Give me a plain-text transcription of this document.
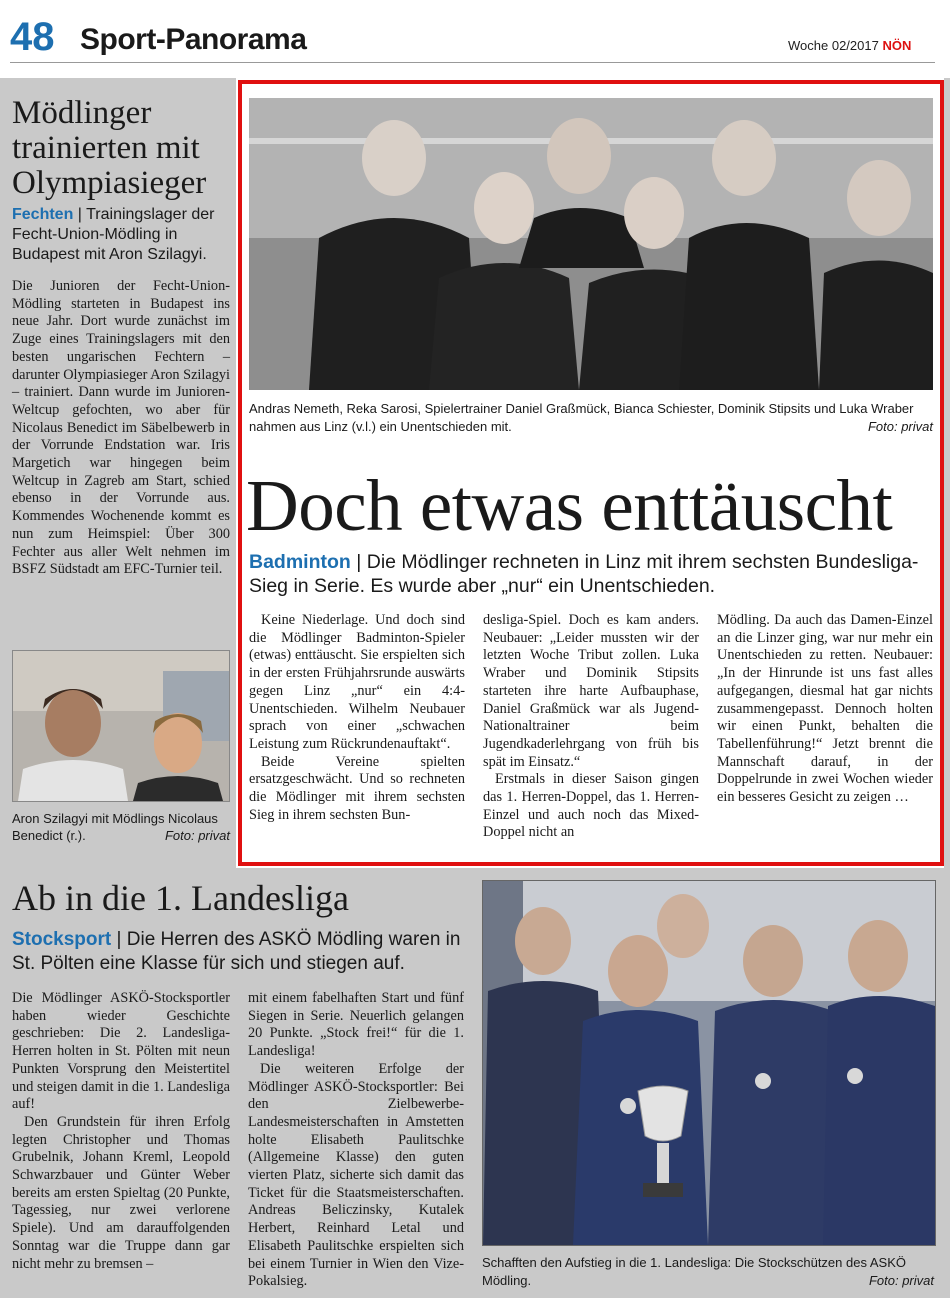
48 Sport-Panorama	Woche 02/2017 NÖN
Mödlinger trainierten mit Olympiasieger
Fechten | Trainingslager der Fecht-Union-Mödling in Budapest mit Aron Szilagyi.
Die Junioren der Fecht-Union-Mödling starteten in Budapest ins neue Jahr. Dort wurde zunächst im Zuge eines Trainingslagers mit den besten ungarischen Fechtern – darunter Olympiasieger Aron Szilagyi – trainiert. Dann wurde im Junioren-Weltcup gefochten, wo aber für Nicolaus Benedict im Säbelbewerb in der Vorrunde Endstation war. Iris Margetich war hingegen beim Weltcup in Zagreb am Start, schied ebenso in der Vorrunde aus. Kommendes Wochenende kommt es nun zum Heimspiel: Über 300 Fechter aus aller Welt nehmen im BSFZ Südstadt am EFC-Turnier teil.
Aron Szilagyi mit Mödlings Nicolaus Benedict (r.).	Foto: privat
Andras Nemeth, Reka Sarosi, Spielertrainer Daniel Graßmück, Bianca Schiester, Dominik Stipsits und Luka Wraber nahmen aus Linz (v.l.) ein Unentschieden mit.	Foto: privat
Doch etwas enttäuscht
Badminton | Die Mödlinger rechneten in Linz mit ihrem sechsten Bundesliga-Sieg in Serie. Es wurde aber „nur“ ein Unentschieden.

Keine Niederlage. Und doch sind die Mödlinger Badminton-Spieler (etwas) enttäuscht. Sie erspielten sich in der ersten Frühjahrsrunde auswärts gegen Linz „nur“ ein 4:4-Unentschieden. Wilhelm Neubauer sprach von einer „schwachen Leistung zum Rückrundenauftakt“.

Beide Vereine spielten ersatzgeschwächt. Und so rechneten die Mödlinger mit ihrem sechsten Sieg in ihrem sechsten Bun-

desliga-Spiel. Doch es kam anders. Neubauer: „Leider mussten wir der letzten Woche Tribut zollen. Luka Wraber und Dominik Stipsits starteten ihre harte Aufbauphase, Daniel Graßmück war als Jugend-Nationaltrainer beim Jugendkaderlehrgang von früh bis spät im Einsatz.“

Erstmals in dieser Saison gingen das 1. Herren-Doppel, das 1. Herren-Einzel und auch noch das Mixed-Doppel nicht an

Mödling. Da auch das Damen-Einzel an die Linzer ging, war nur mehr ein Unentschieden zu retten. Neubauer: „In der Hinrunde ist uns fast alles aufgegangen, diesmal hat gar nichts zusammengepasst. Dennoch holten wir einen Punkt, behalten die Tabellenführung!“ Jetzt brennt die Mannschaft darauf, in der Doppelrunde in zwei Wochen wieder ein besseres Gesicht zu zeigen …

Ab in die 1. Landesliga
Stocksport | Die Herren des ASKÖ Mödling waren in St. Pölten eine Klasse für sich und stiegen auf.

Die Mödlinger ASKÖ-Stocksportler haben wieder Geschichte geschrieben: Die 2. Landesliga-Herren holten in St. Pölten mit neun Punkten Vorsprung den Meistertitel und steigen damit in die 1. Landesliga auf!

Den Grundstein für ihren Erfolg legten Christopher und Thomas Grubelnik, Johann Kreml, Leopold Schwarzbauer und Günter Weber bereits am ersten Spieltag (20 Punkte, Tagessieg, nur zwei verlorene Spiele). Und am darauffolgenden Sonntag war die Truppe dann gar nicht mehr zu bremsen –

mit einem fabelhaften Start und fünf Siegen in Serie. Neuerlich gelangen 20 Punkte. „Stock frei!“ für die 1. Landesliga!

Die weiteren Erfolge der Mödlinger ASKÖ-Stocksportler: Bei den Zielbewerbe-Landesmeisterschaften in Amstetten holte Elisabeth Paulitschke (Allgemeine Klasse) den guten vierten Platz, sicherte sich damit das Ticket für die Staatsmeisterschaften. Andreas Beliczinsky, Kutalek Herbert, Reinhard Letal und Elisabeth Paulitschke erspielten sich bei einem Turnier in Wien den Vize-Pokalsieg.

Schafften den Aufstieg in die 1. Landesliga: Die Stockschützen des ASKÖ Mödling.	Foto: privat
